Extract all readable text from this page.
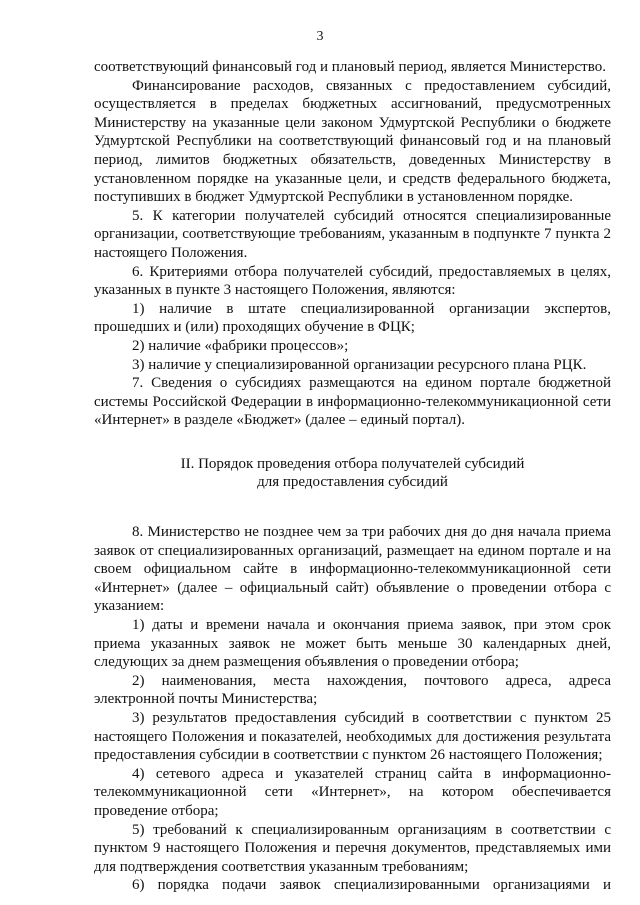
3

соответствующий финансовый год и плановый период, является Министерство.

Финансирование расходов, связанных с предоставлением субсидий, осуществляется в пределах бюджетных ассигнований, предусмотренных Министерству на указанные цели законом Удмуртской Республики о бюджете Удмуртской Республики на соответствующий финансовый год и на плановый период, лимитов бюджетных обязательств, доведенных Министерству в установленном порядке на указанные цели, и средств федерального бюджета, поступивших в бюджет Удмуртской Республики в установленном порядке.

5. К категории получателей субсидий относятся специализированные организации, соответствующие требованиям, указанным в подпункте 7 пункта 2 настоящего Положения.

6. Критериями отбора получателей субсидий, предоставляемых в целях, указанных в пункте 3 настоящего Положения, являются:

1) наличие в штате специализированной организации экспертов, прошедших и (или) проходящих обучение в ФЦК;

2) наличие «фабрики процессов»;

3) наличие у специализированной организации ресурсного плана РЦК.

7. Сведения о субсидиях размещаются на едином портале бюджетной системы Российской Федерации в информационно-телекоммуникационной сети «Интернет» в разделе «Бюджет» (далее – единый портал).

II. Порядок проведения отбора получателей субсидий
для предоставления субсидий

8. Министерство не позднее чем за три рабочих дня до дня начала приема заявок от специализированных организаций, размещает на едином портале и на своем официальном сайте в информационно-телекоммуникационной сети «Интернет» (далее – официальный сайт) объявление о проведении отбора с указанием:

1) даты и времени начала и окончания приема заявок, при этом срок приема указанных заявок не может быть меньше 30 календарных дней, следующих за днем размещения объявления о проведении отбора;

2) наименования, места нахождения, почтового адреса, адреса электронной почты Министерства;

3) результатов предоставления субсидий в соответствии с пунктом 25 настоящего Положения и показателей, необходимых для достижения результата предоставления субсидии в соответствии с пунктом 26 настоящего Положения;

4) сетевого адреса и указателей страниц сайта в информационно-телекоммуникационной сети «Интернет», на котором обеспечивается проведение отбора;

5) требований к специализированным организациям в соответствии с пунктом 9 настоящего Положения и перечня документов, представляемых ими для подтверждения соответствия указанным требованиям;

6) порядка подачи заявок специализированными организациями и
